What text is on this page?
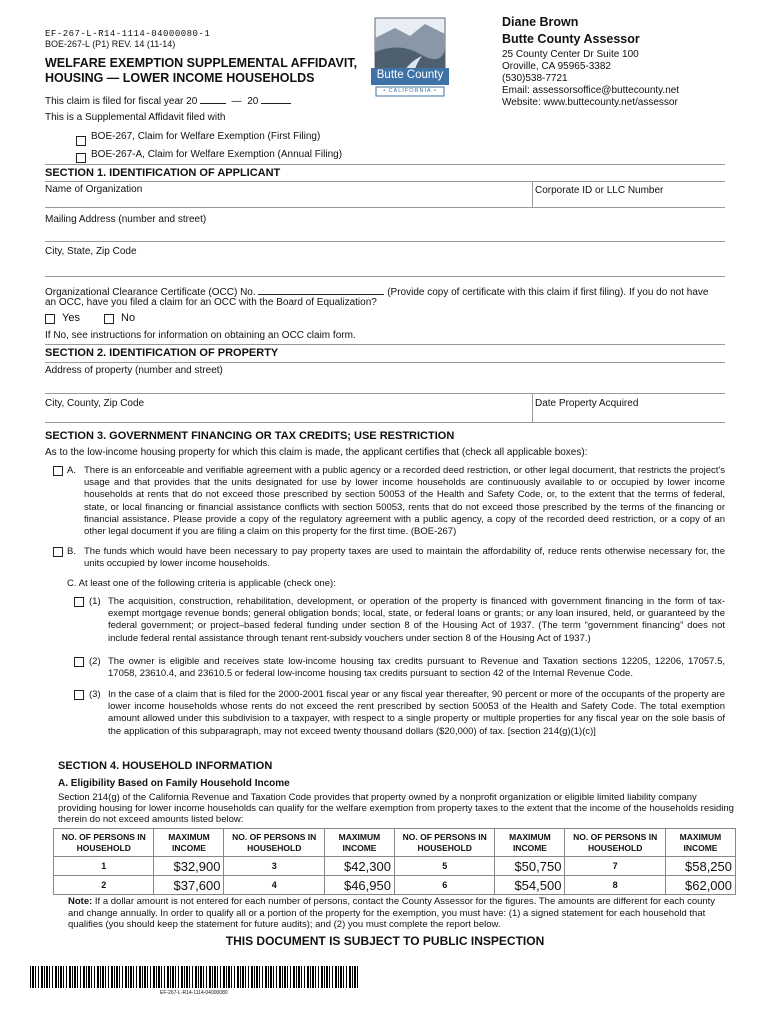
EF-267-L-R14-1114-04000080-1
BOE-267-L (P1) REV. 14 (11-14)
WELFARE EXEMPTION SUPPLEMENTAL AFFIDAVIT,
HOUSING — LOWER INCOME HOUSEHOLDS
This claim is filed for fiscal year 20	— 20
Butte County
• CALIFORNIA •
Diane Brown
Butte County Assessor
25 County Center Dr Suite 100
Oroville, CA 95965-3382
(530)538-7721
Email: assessorsoffice@buttecounty.net
Website: www.buttecounty.net/assessor
This is a Supplemental Affidavit filed with
BOE-267, Claim for Welfare Exemption (First Filing)
BOE-267-A, Claim for Welfare Exemption (Annual Filing)
SECTION 1. IDENTIFICATION OF APPLICANT
Name of Organization	Corporate ID or LLC Number
Mailing Address (number and street)
City, State, Zip Code
Organizational Clearance Certificate (OCC) No.	(Provide copy of certificate with this claim if first filing). If you do not have
an OCC, have you filed a claim for an OCC with the Board of Equalization?
Yes	No
If No, see instructions for information on obtaining an OCC claim form.
SECTION 2. IDENTIFICATION OF PROPERTY
Address of property (number and street)
City, County, Zip Code	Date Property Acquired
SECTION 3. GOVERNMENT FINANCING OR TAX CREDITS; USE RESTRICTION
As to the low-income housing property for which this claim is made, the applicant certifies that (check all applicable boxes):
A. There is an enforceable and verifiable agreement with a public agency or a recorded deed restriction, or other legal document, that restricts the project's usage and that provides that the units designated for use by lower income households are continuously available to or occupied by lower income households at rents that do not exceed those prescribed by section 50053 of the Health and Safety Code, or, to the extent that the terms of federal, state, or local financing or financial assistance conflicts with section 50053, rents that do not exceed those prescribed by the terms of the financing or financial assistance. Please provide a copy of the regulatory agreement with a public agency, a copy of the recorded deed restriction, or a copy of an other legal document if you are filing a claim on this property for the first time. (BOE-267)
B. The funds which would have been necessary to pay property taxes are used to maintain the affordability of, reduce rents otherwise necessary for, the units occupied by lower income households.
C. At least one of the following criteria is applicable (check one):
(1) The acquisition, construction, rehabilitation, development, or operation of the property is financed with government financing in the form of tax-exempt mortgage revenue bonds; general obligation bonds; local, state, or federal loans or grants; or any loan insured, held, or guaranteed by the federal government; or project–based federal funding under section 8 of the Housing Act of 1937. (The term “government financing” does not include federal rental assistance through tenant rent-subsidy vouchers under section 8 of the Housing Act of 1937.)
(2) The owner is eligible and receives state low-income housing tax credits pursuant to Revenue and Taxation sections 12205, 12206, 17057.5, 17058, 23610.4, and 23610.5 or federal low-income housing tax credits pursuant to section 42 of the Internal Revenue Code.
(3) In the case of a claim that is filed for the 2000-2001 fiscal year or any fiscal year thereafter, 90 percent or more of the occupants of the property are lower income households whose rents do not exceed the rent prescribed by section 50053 of the Health and Safety Code. The total exemption amount allowed under this subdivision to a taxpayer, with respect to a single property or multiple properties for any fiscal year on the sole basis of the application of this subparagraph, may not exceed twenty thousand dollars ($20,000) of tax. [section 214(g)(1)(c)]
SECTION 4. HOUSEHOLD INFORMATION
A. Eligibility Based on Family Household Income
Section 214(g) of the California Revenue and Taxation Code provides that property owned by a nonprofit organization or eligible limited liability company providing housing for lower income households can qualify for the welfare exemption from property taxes to the extent that the income of the households residing therein do not exceed amounts listed below:
NO. OF PERSONS IN HOUSEHOLD	MAXIMUM INCOME	NO. OF PERSONS IN HOUSEHOLD	MAXIMUM INCOME	NO. OF PERSONS IN HOUSEHOLD	MAXIMUM INCOME	NO. OF PERSONS IN HOUSEHOLD	MAXIMUM INCOME
1	$32,900	3	$42,300	5	$50,750	7	$58,250
2	$37,600	4	$46,950	6	$54,500	8	$62,000
Note: If a dollar amount is not entered for each number of persons, contact the County Assessor for the figures. The amounts are different for each county and change annually. In order to qualify all or a portion of the property for the exemption, you must have: (1) a signed statement for each household that qualifies (you should keep the statement for future audits); and (2) you must complete the report below.
THIS DOCUMENT IS SUBJECT TO PUBLIC INSPECTION
EF-267-L-R14-1114-04000080
